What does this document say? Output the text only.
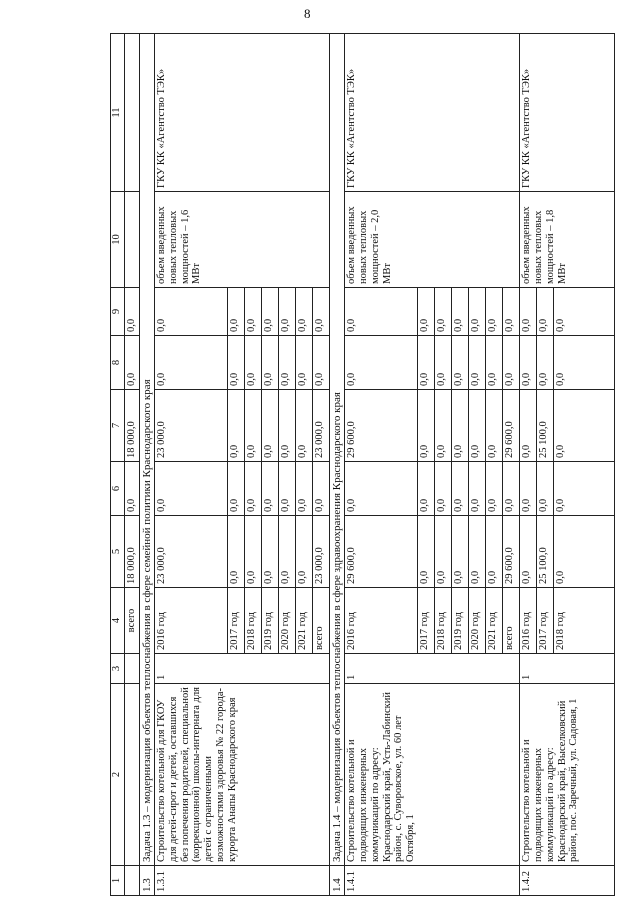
8
1	2	3	4	5	6	7	8	9	10	11
			всего	18 000,0	0,0	18 000,0	0,0	0,0		
1.3	Задача 1.3 – модернизация объектов теплоснабжения в сфере семейной политики Краснодарского края									
1.3.1	Строительство котельной для ГКОУ для детей-сирот и детей, оставшихся без попечения родителей, специальной (коррекционной) школы-интерната для детей с ограниченными возможностями здоровья № 22 города-курорта Анапы Краснодарского края	1	2016 год	23 000,0	0,0	23 000,0	0,0	0,0	объем введенных новых тепловых мощностей – 1,6 МВт	ГКУ КК «Агентство ТЭК»
			2017 год	0,0	0,0	0,0	0,0	0,0		
			2018 год	0,0	0,0	0,0	0,0	0,0		
			2019 год	0,0	0,0	0,0	0,0	0,0		
			2020 год	0,0	0,0	0,0	0,0	0,0		
			2021 год	0,0	0,0	0,0	0,0	0,0		
			всего	23 000,0	0,0	23 000,0	0,0	0,0		
1.4	Задача 1.4 – модернизация объектов теплоснабжения в сфере здравоохранения Краснодарского края									
1.4.1	Строительство котельной и подводящих инженерных коммуникаций по адресу: Краснодарский край, Усть-Лабинский район, с. Суворовское, ул. 60 лет Октября, 1	1	2016 год	29 600,0	0,0	29 600,0	0,0	0,0	объем введенных новых тепловых мощностей – 2,0 МВт	ГКУ КК «Агентство ТЭК»
			2017 год	0,0	0,0	0,0	0,0	0,0		
			2018 год	0,0	0,0	0,0	0,0	0,0		
			2019 год	0,0	0,0	0,0	0,0	0,0		
			2020 год	0,0	0,0	0,0	0,0	0,0		
			2021 год	0,0	0,0	0,0	0,0	0,0		
			всего	29 600,0	0,0	29 600,0	0,0	0,0		
1.4.2	Строительство котельной и подводящих инженерных коммуникаций по адресу: Краснодарский край, Выселковский район, пос. Заречный, ул. Садовая, 1	1	2016 год	0,0	0,0	0,0	0,0	0,0	объем введенных новых тепловых мощностей – 1,8 МВт	ГКУ КК «Агентство ТЭК»
			2017 год	25 100,0	0,0	25 100,0	0,0	0,0		
			2018 год	0,0	0,0	0,0	0,0	0,0		
